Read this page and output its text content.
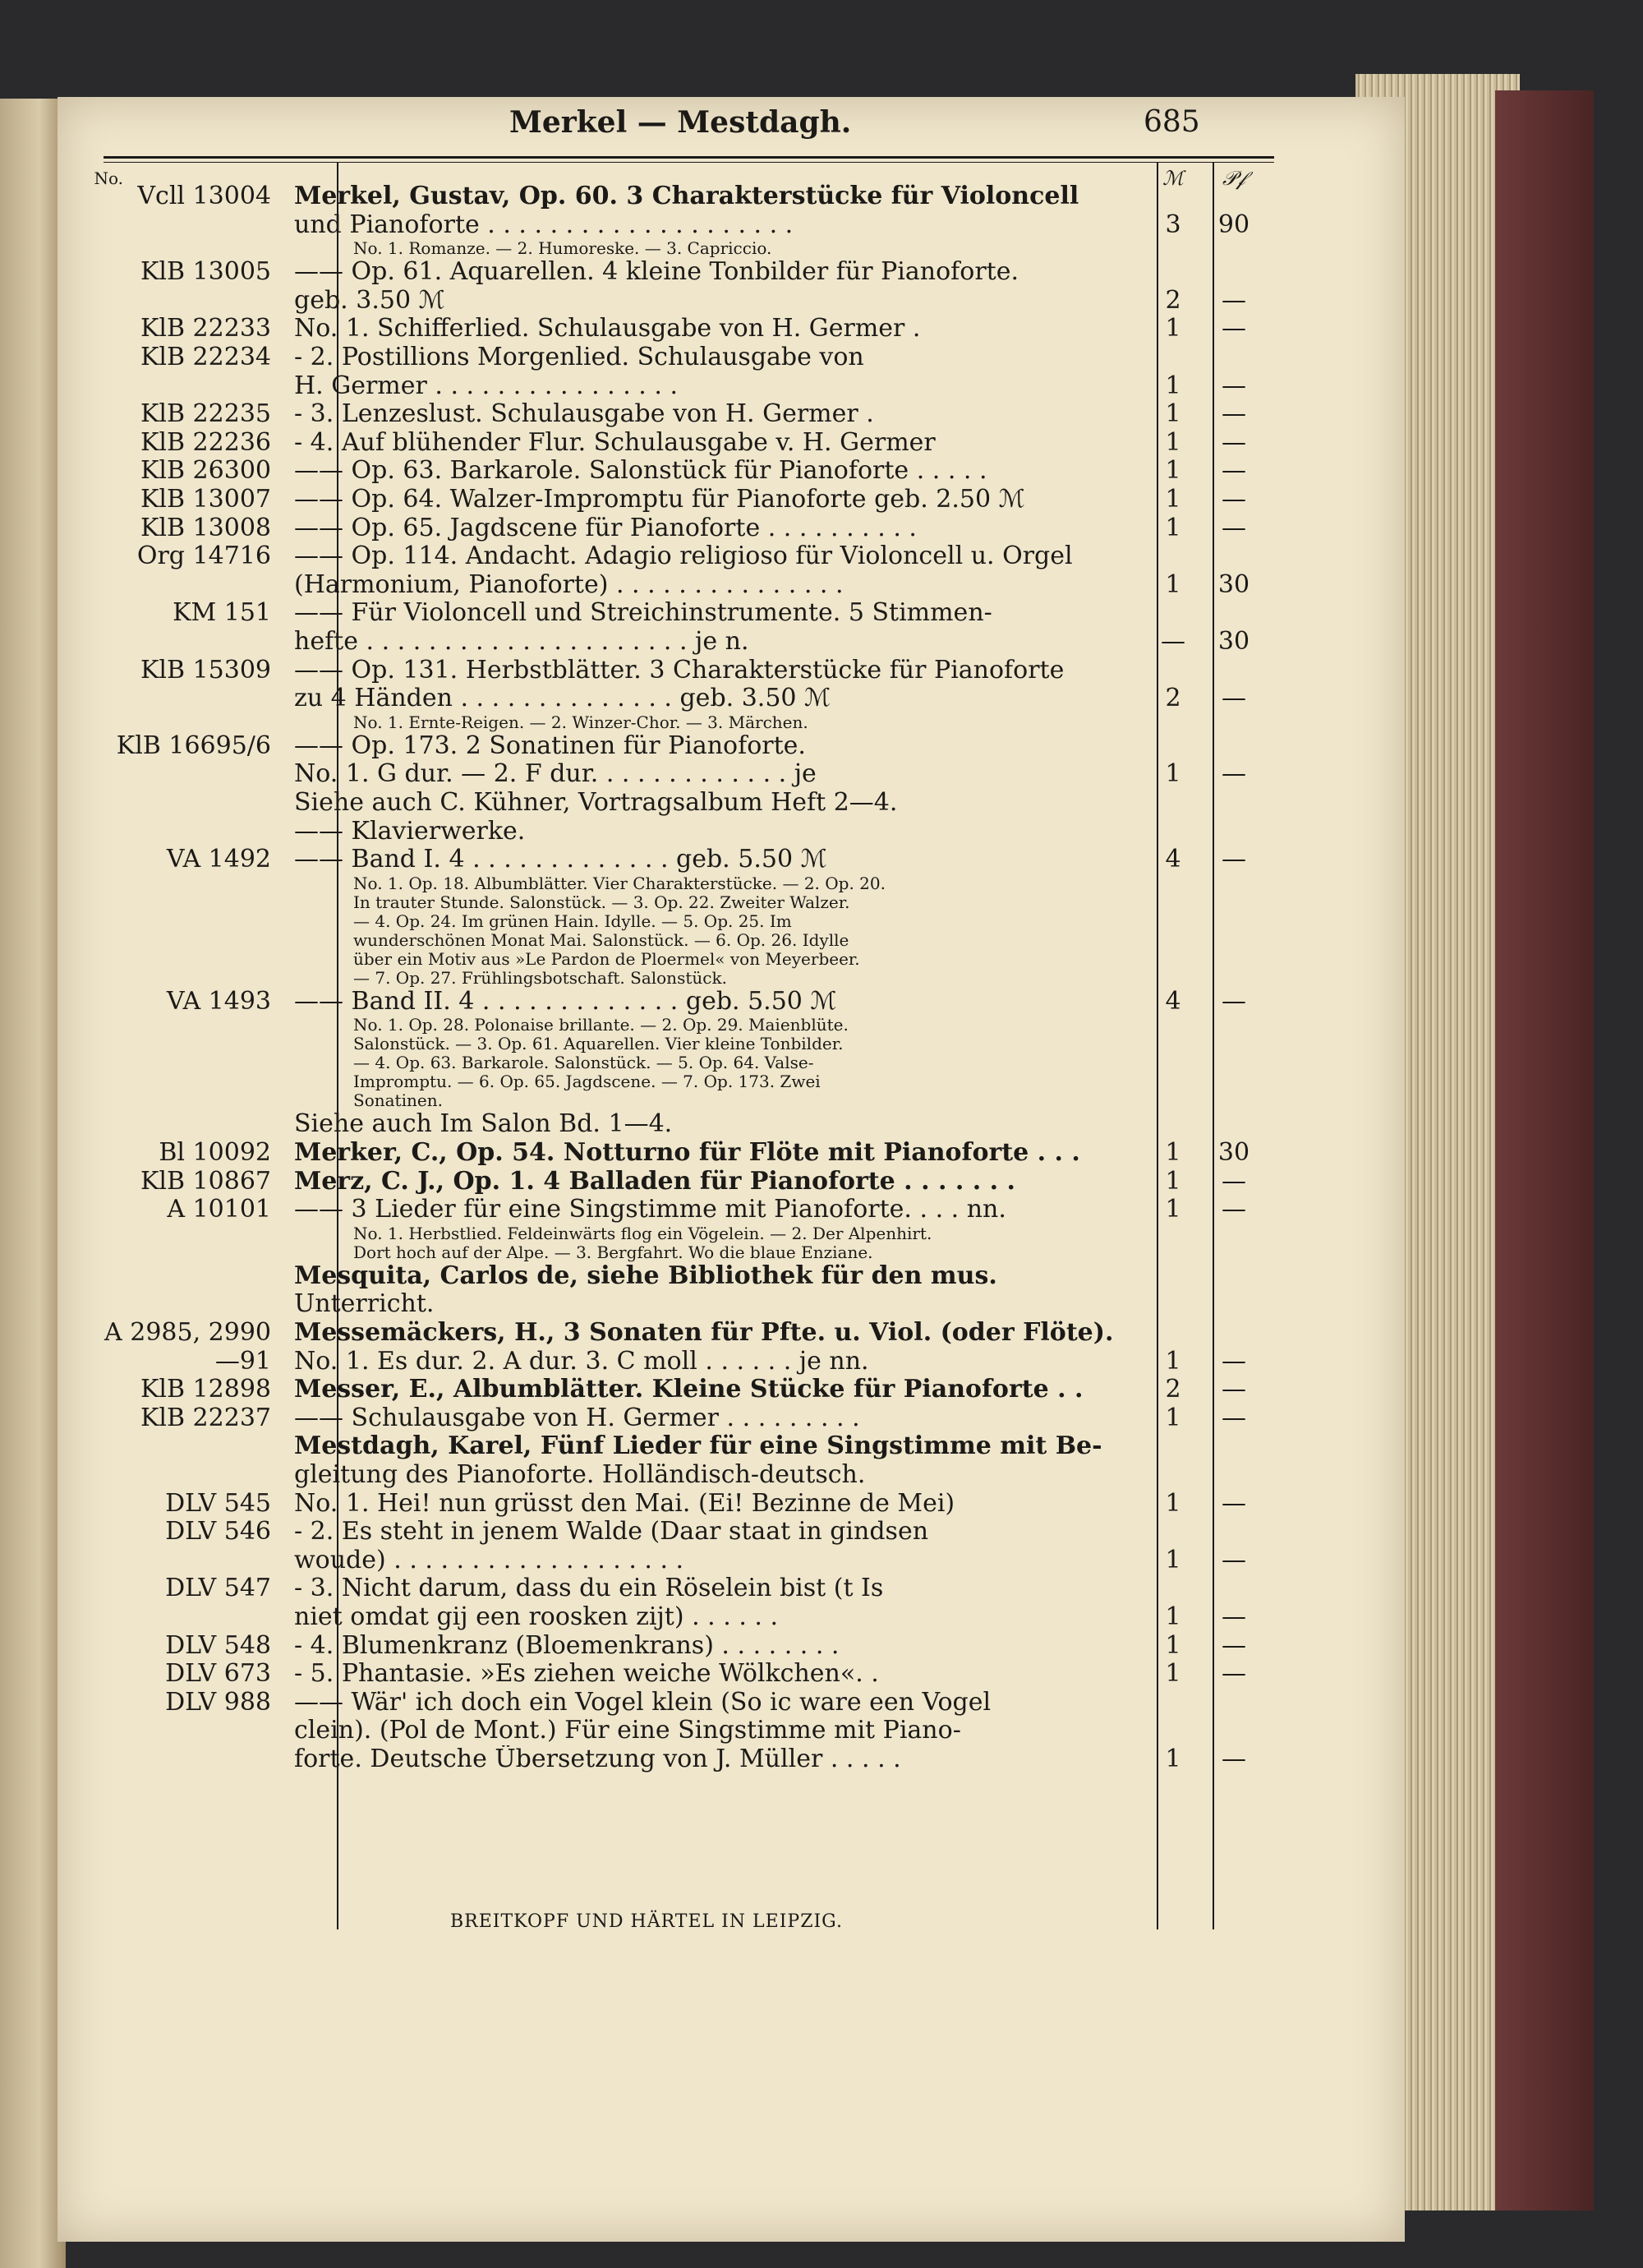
Merkel — Mestdagh.	685
No.	ℳ	𝒫𝒻
Vcll 13004 Merkel, Gustav, Op. 60. 3 Charakterstücke für Violoncell
und Pianoforte . . . . . . . . . . . . . . . . . . . .	3	90
No. 1. Romanze. — 2. Humoreske. — 3. Capriccio.
KlB 13005 —— Op. 61. Aquarellen. 4 kleine Tonbilder für Pianoforte.
geb. 3.50 ℳ	2	—
KlB 22233 No. 1. Schifferlied. Schulausgabe von H. Germer .	1	—
KlB 22234 - 2. Postillions Morgenlied. Schulausgabe von
H. Germer . . . . . . . . . . . . . . . .	1	—
KlB 22235 - 3. Lenzeslust. Schulausgabe von H. Germer .	1	—
KlB 22236 - 4. Auf blühender Flur. Schulausgabe v. H. Germer	1	—
KlB 26300 —— Op. 63. Barkarole. Salonstück für Pianoforte . . . . .	1	—
KlB 13007 —— Op. 64. Walzer-Impromptu für Pianoforte geb. 2.50 ℳ	1	—
KlB 13008 —— Op. 65. Jagdscene für Pianoforte . . . . . . . . . .	1	—
Org 14716 —— Op. 114. Andacht. Adagio religioso für Violoncell u. Orgel
(Harmonium, Pianoforte) . . . . . . . . . . . . . . .	1	30
KM 151 —— Für Violoncell und Streichinstrumente. 5 Stimmen-
hefte . . . . . . . . . . . . . . . . . . . . . je n.	—	30
KlB 15309 —— Op. 131. Herbstblätter. 3 Charakterstücke für Pianoforte
zu 4 Händen . . . . . . . . . . . . . . geb. 3.50 ℳ	2	—
No. 1. Ernte-Reigen. — 2. Winzer-Chor. — 3. Märchen.
KlB 16695/6 —— Op. 173. 2 Sonatinen für Pianoforte.
No. 1. G dur. — 2. F dur. . . . . . . . . . . . . je	1	—
Siehe auch C. Kühner, Vortragsalbum Heft 2—4.
—— Klavierwerke.
VA 1492 —— Band I. 4 . . . . . . . . . . . . . geb. 5.50 ℳ	4	—
No. 1. Op. 18. Albumblätter. Vier Charakterstücke. — 2. Op. 20.
In trauter Stunde. Salonstück. — 3. Op. 22. Zweiter Walzer.
— 4. Op. 24. Im grünen Hain. Idylle. — 5. Op. 25. Im
wunderschönen Monat Mai. Salonstück. — 6. Op. 26. Idylle
über ein Motiv aus »Le Pardon de Ploermel« von Meyerbeer.
— 7. Op. 27. Frühlingsbotschaft. Salonstück.
VA 1493 —— Band II. 4 . . . . . . . . . . . . . geb. 5.50 ℳ	4	—
No. 1. Op. 28. Polonaise brillante. — 2. Op. 29. Maienblüte.
Salonstück. — 3. Op. 61. Aquarellen. Vier kleine Tonbilder.
— 4. Op. 63. Barkarole. Salonstück. — 5. Op. 64. Valse-
Impromptu. — 6. Op. 65. Jagdscene. — 7. Op. 173. Zwei
Sonatinen.
Siehe auch Im Salon Bd. 1—4.
Bl 10092 Merker, C., Op. 54. Notturno für Flöte mit Pianoforte . . .	1	30
KlB 10867 Merz, C. J., Op. 1. 4 Balladen für Pianoforte . . . . . . .	1	—
A 10101 —— 3 Lieder für eine Singstimme mit Pianoforte. . . . nn.	1	—
No. 1. Herbstlied. Feldeinwärts flog ein Vögelein. — 2. Der Alpenhirt.
Dort hoch auf der Alpe. — 3. Bergfahrt. Wo die blaue Enziane.
Mesquita, Carlos de, siehe Bibliothek für den mus.
Unterricht.
A 2985, 2990 Messemäckers, H., 3 Sonaten für Pfte. u. Viol. (oder Flöte).
—91 No. 1. Es dur. 2. A dur. 3. C moll . . . . . . je nn.	1	—
KlB 12898 Messer, E., Albumblätter. Kleine Stücke für Pianoforte . .	2	—
KlB 22237 —— Schulausgabe von H. Germer . . . . . . . . .	1	—
Mestdagh, Karel, Fünf Lieder für eine Singstimme mit Be-
gleitung des Pianoforte. Holländisch-deutsch.
DLV 545 No. 1. Hei! nun grüsst den Mai. (Ei! Bezinne de Mei)	1	—
DLV 546 - 2. Es steht in jenem Walde (Daar staat in gindsen
woude) . . . . . . . . . . . . . . . . . . .	1	—
DLV 547 - 3. Nicht darum, dass du ein Röselein bist (t Is
niet omdat gij een roosken zijt) . . . . . .	1	—
DLV 548 - 4. Blumenkranz (Bloemenkrans) . . . . . . . .	1	—
DLV 673 - 5. Phantasie. »Es ziehen weiche Wölkchen«. .	1	—
DLV 988 —— Wär' ich doch ein Vogel klein (So ic ware een Vogel
clein). (Pol de Mont.) Für eine Singstimme mit Piano-
forte. Deutsche Übersetzung von J. Müller . . . . .	1	—
BREITKOPF UND HÄRTEL IN LEIPZIG.
